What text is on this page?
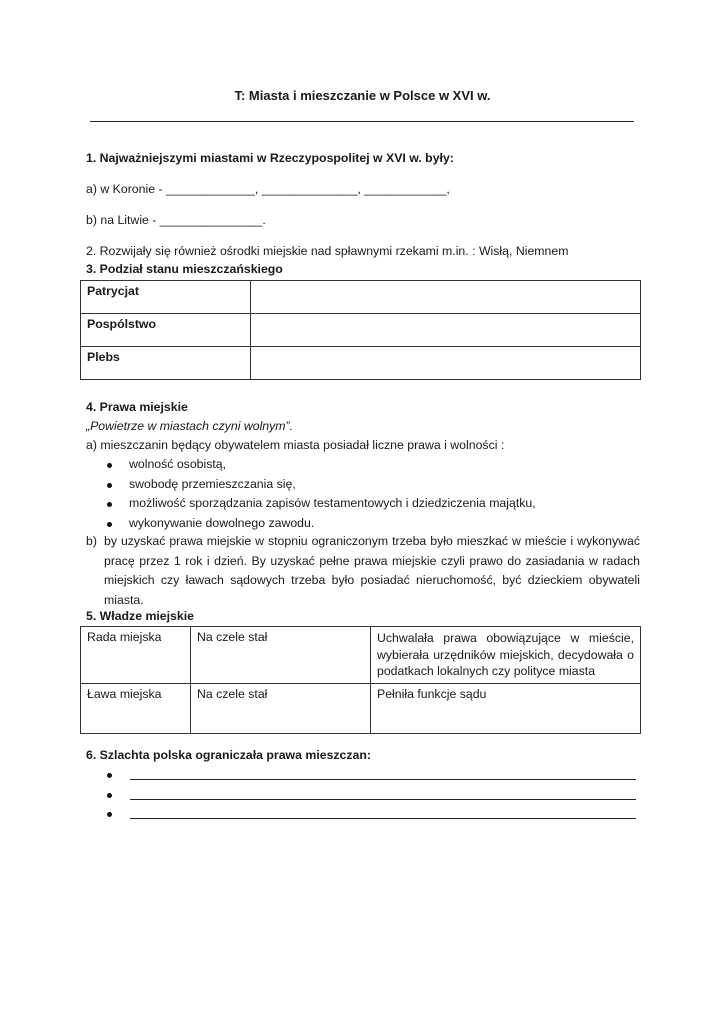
T: Miasta i mieszczanie w Polsce w XVI w.
1. Najważniejszymi miastami w Rzeczypospolitej w XVI w. były:
a) w Koronie - _____________, ______________, ____________,
b) na Litwie - _______________.
2. Rozwijały się również ośrodki miejskie nad spławnymi rzekami m.in. : Wisłą, Niemnem
3. Podział stanu mieszczańskiego
Patrycjat	
Pospólstwo	
Plebs	
4. Prawa miejskie
„Powietrze w miastach czyni wolnym”.
a) mieszczanin będący obywatelem miasta posiadał liczne prawa i wolności :
wolność osobistą,
swobodę przemieszczania się,
możliwość sporządzania zapisów testamentowych i dziedziczenia majątku,
wykonywanie dowolnego zawodu.
b) by uzyskać prawa miejskie w stopniu ograniczonym trzeba było mieszkać w mieście i wykonywać pracę przez 1 rok i dzień. By uzyskać pełne prawa miejskie czyli prawo do zasiadania w radach miejskich czy ławach sądowych trzeba było posiadać nieruchomość, być dzieckiem obywateli miasta.
5. Władze miejskie
Rada miejska	Na czele stał	Uchwalała prawa obowiązujące w mieście, wybierała urzędników miejskich, decydowała o podatkach lokalnych czy polityce miasta
Ława miejska	Na czele stał	Pełniła funkcje sądu
6. Szlachta polska ograniczała prawa mieszczan:
